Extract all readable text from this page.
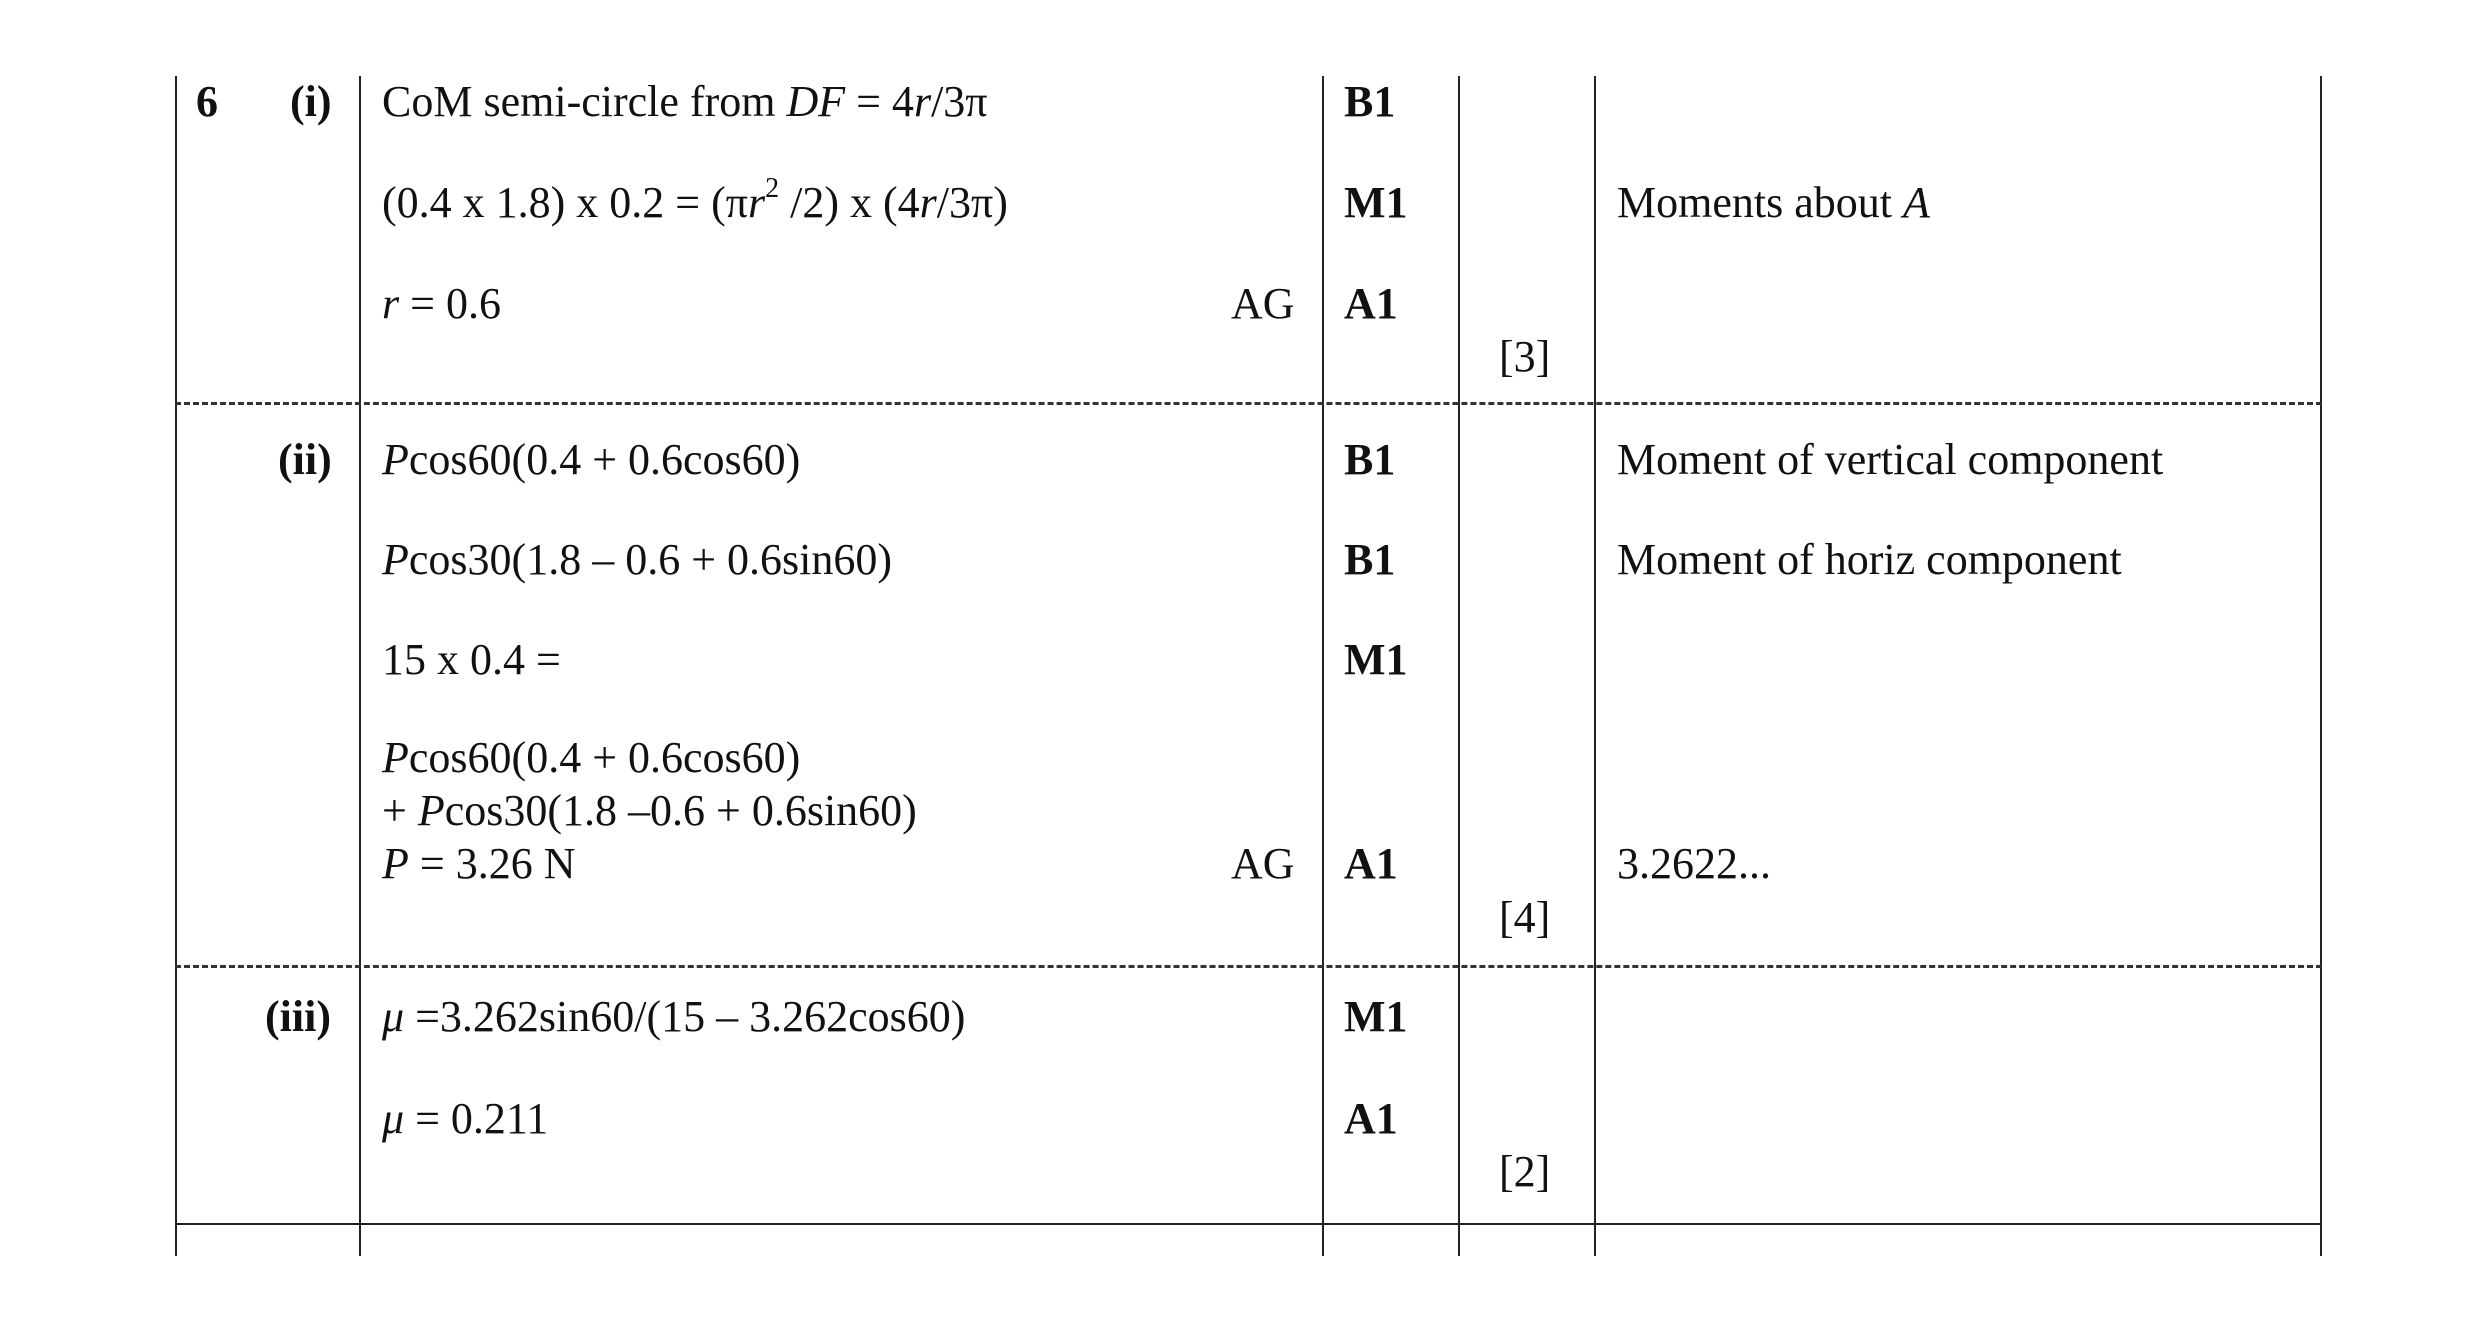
6 (i) CoM semi-circle from DF = 4r/3π	B1
(0.4 x 1.8) x $0.2 = (\pi r^2$ /2) x (4r/3π)	M1	Moments about A
r = 0.6	AG A1
[3]
(ii) Pcos60(0.4 + 0.6cos60)	B1	Moment of vertical component
Pcos30(1.8 – 0.6 + 0.6sin60)	B1	Moment of horiz component
15 x 0.4 =	M1
Pcos60(0.4 + 0.6cos60)
+ Pcos30(1.8 –0.6 + 0.6sin60)
P = 3.26 N	AG A1	3.2622...
[4]
(iii) μ =3.262sin60/(15 – 3.262cos60)	M1
μ = 0.211	A1
[2]
